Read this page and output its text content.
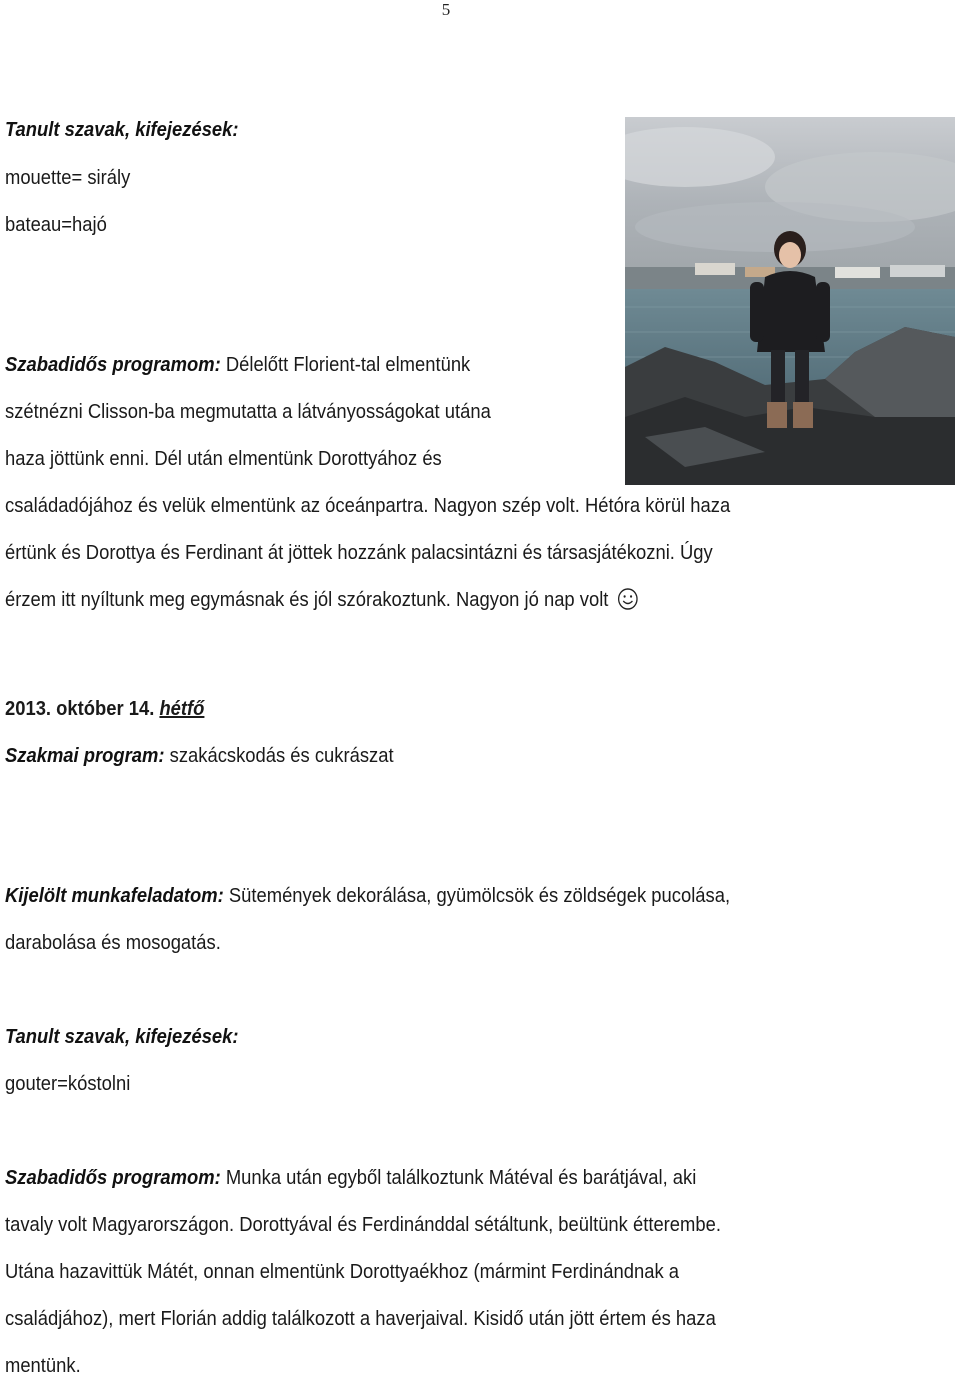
5
Tanult szavak, kifejezések:
mouette= sirály
bateau=hajó
Szabadidős programom: Délelőtt Florient-tal elmentünk
szétnézni Clisson-ba megmutatta a látványosságokat utána
haza jöttünk enni. Dél után elmentünk Dorottyához és
családadójához és velük elmentünk az óceánpartra. Nagyon szép volt. Hétóra körül haza
értünk és Dorottya és Ferdinant át jöttek hozzánk palacsintázni és társasjátékozni. Úgy
érzem itt nyíltunk meg egymásnak és jól szórakoztunk. Nagyon jó nap volt
2013. október 14. hétfő
Szakmai program: szakácskodás és cukrászat
Kijelölt munkafeladatom: Sütemények dekorálása, gyümölcsök és zöldségek pucolása,
darabolása és mosogatás.
Tanult szavak, kifejezések:
gouter=kóstolni
Szabadidős programom: Munka után egyből találkoztunk Mátéval és barátjával, aki
tavaly volt Magyarországon. Dorottyával és Ferdinánddal sétáltunk, beültünk étterembe.
Utána hazavittük Mátét, onnan elmentünk Dorottyaékhoz (mármint Ferdinándnak a
családjához), mert Florián addig találkozott a haverjaival. Kisidő után jött értem és haza
mentünk.
